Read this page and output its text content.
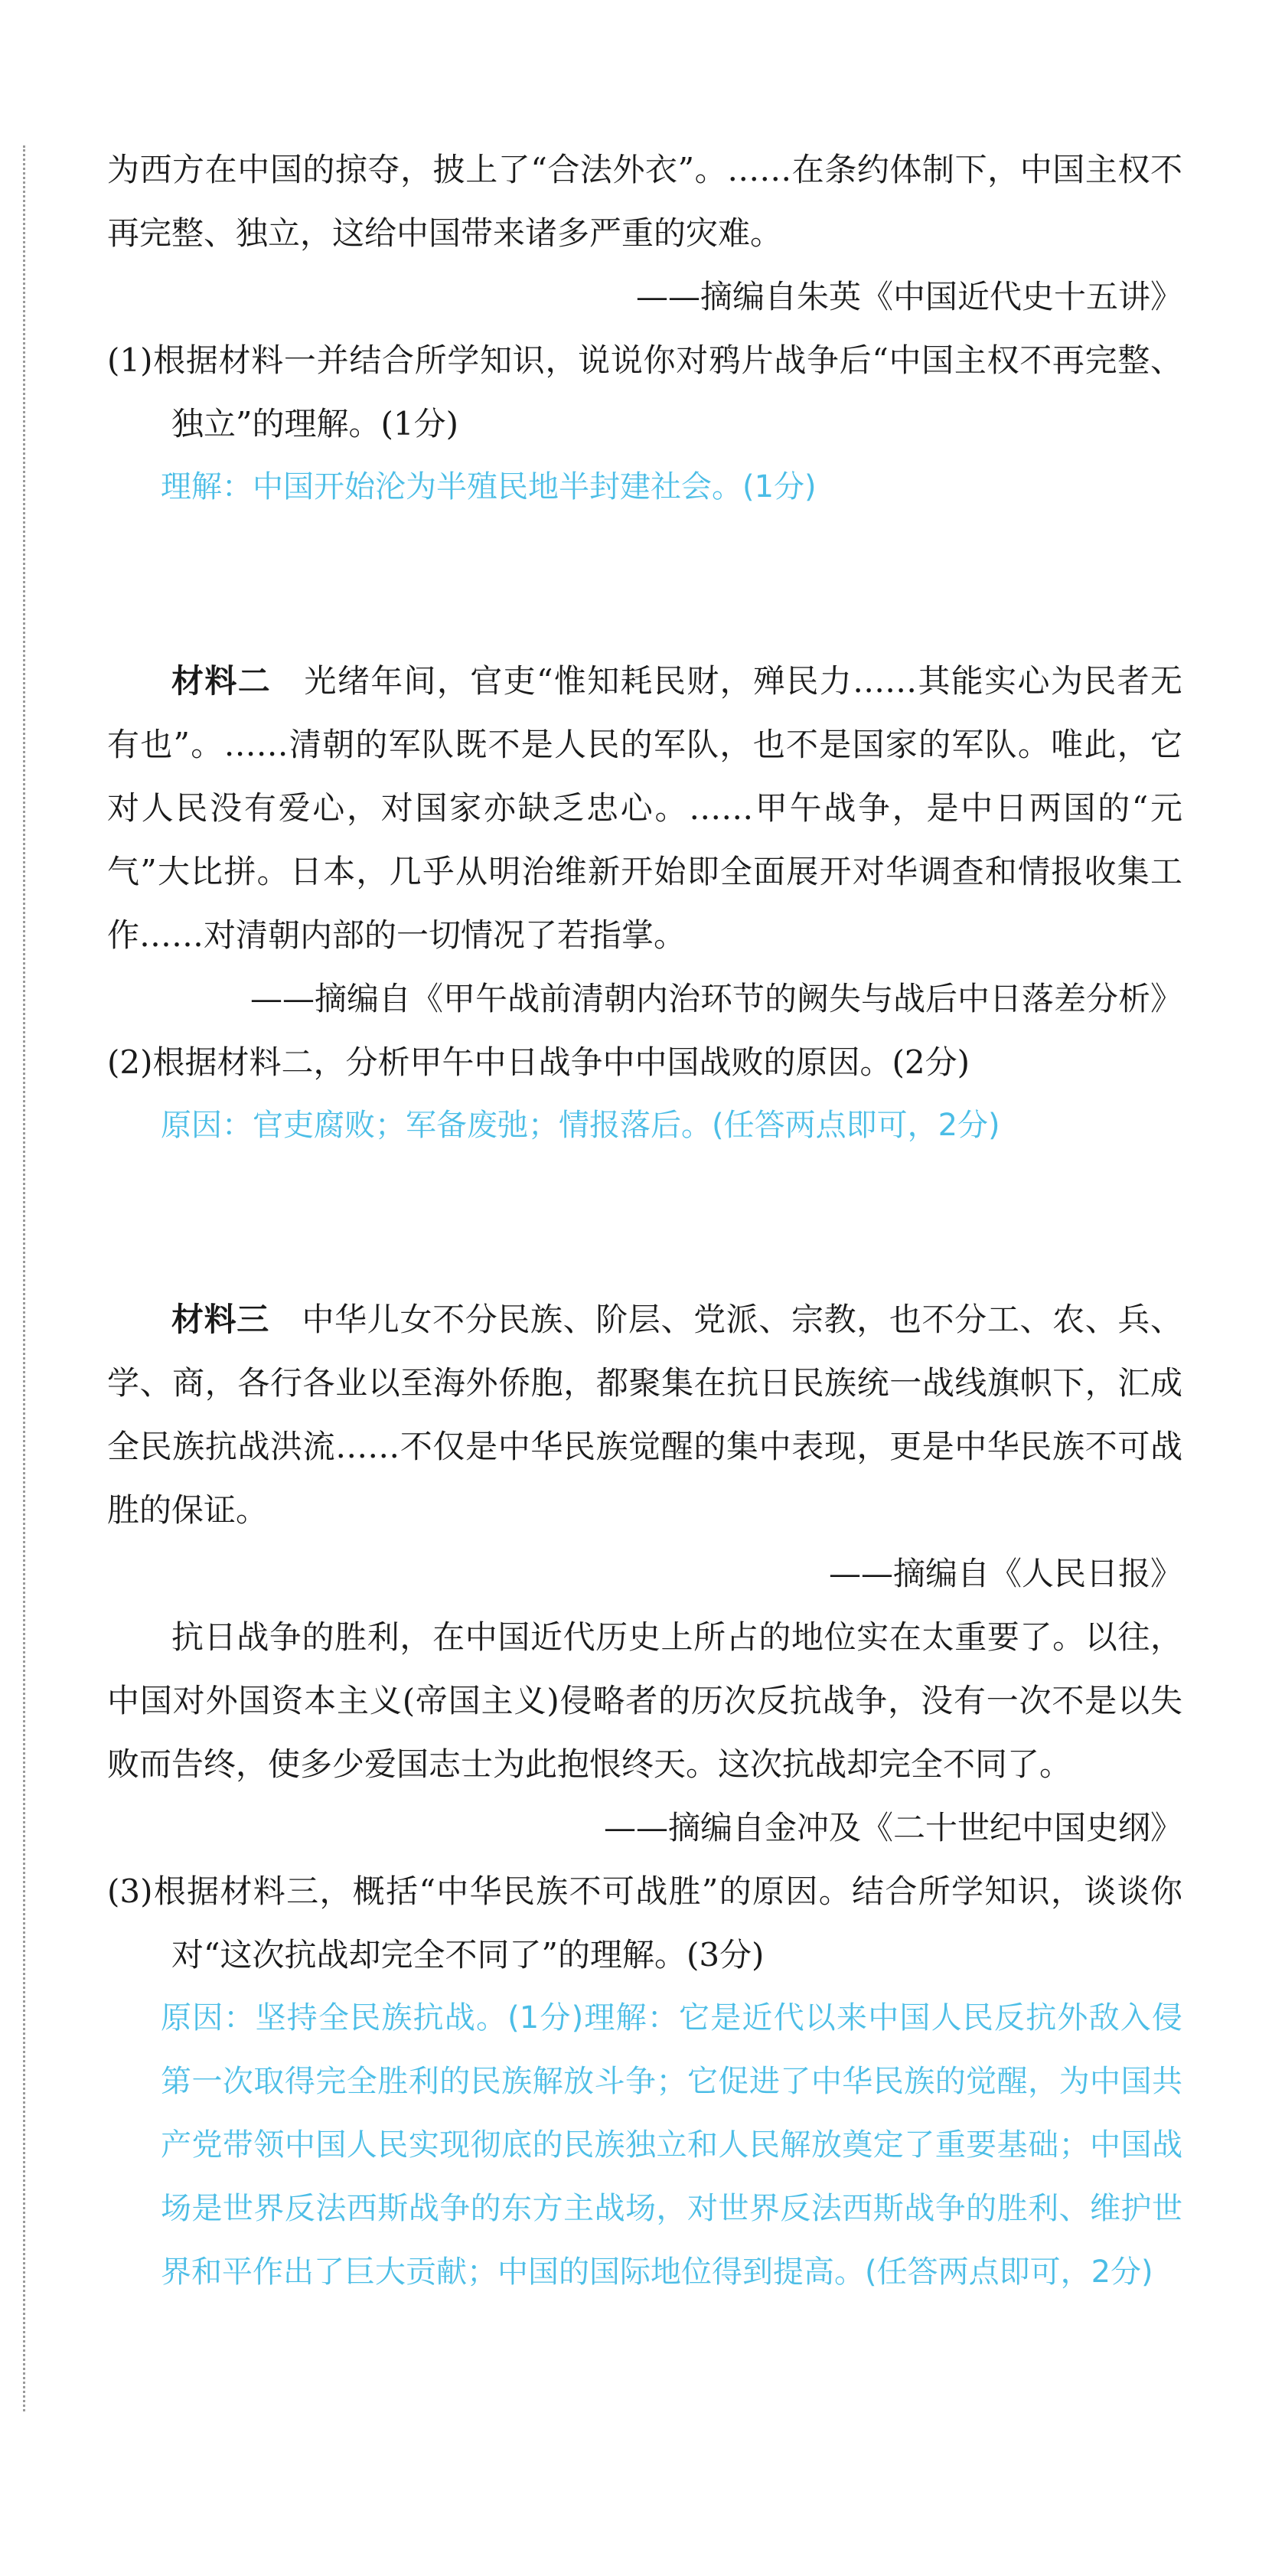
为西方在中国的掠夺，披上了“合法外衣”。……在条约体制下，中国主权不再完整、独立，这给中国带来诸多严重的灾难。

——摘编自朱英《中国近代史十五讲》

(1)根据材料一并结合所学知识，说说你对鸦片战争后“中国主权不再完整、独立”的理解。(1分)

理解：中国开始沦为半殖民地半封建社会。(1分)

材料二　 光绪年间，官吏“惟知耗民财，殚民力……其能实心为民者无有也”。……清朝的军队既不是人民的军队，也不是国家的军队。唯此，它对人民没有爱心，对国家亦缺乏忠心。……甲午战争，是中日两国的“元气”大比拼。日本，几乎从明治维新开始即全面展开对华调查和情报收集工作……对清朝内部的一切情况了若指掌。

——摘编自《甲午战前清朝内治环节的阙失与战后中日落差分析》

(2)根据材料二，分析甲午中日战争中中国战败的原因。(2分)

原因：官吏腐败；军备废弛；情报落后。(任答两点即可，2分)

材料三　 中华儿女不分民族、阶层、党派、宗教，也不分工、农、兵、学、商，各行各业以至海外侨胞，都聚集在抗日民族统一战线旗帜下，汇成全民族抗战洪流……不仅是中华民族觉醒的集中表现，更是中华民族不可战胜的保证。

——摘编自《人民日报》

抗日战争的胜利，在中国近代历史上所占的地位实在太重要了。以往，中国对外国资本主义(帝国主义)侵略者的历次反抗战争，没有一次不是以失败而告终，使多少爱国志士为此抱恨终天。这次抗战却完全不同了。

——摘编自金冲及《二十世纪中国史纲》

(3)根据材料三，概括“中华民族不可战胜”的原因。结合所学知识，谈谈你对“这次抗战却完全不同了”的理解。(3分)

原因：坚持全民族抗战。(1分)理解：它是近代以来中国人民反抗外敌入侵第一次取得完全胜利的民族解放斗争；它促进了中华民族的觉醒，为中国共产党带领中国人民实现彻底的民族独立和人民解放奠定了重要基础；中国战场是世界反法西斯战争的东方主战场，对世界反法西斯战争的胜利、维护世界和平作出了巨大贡献；中国的国际地位得到提高。(任答两点即可，2分)
